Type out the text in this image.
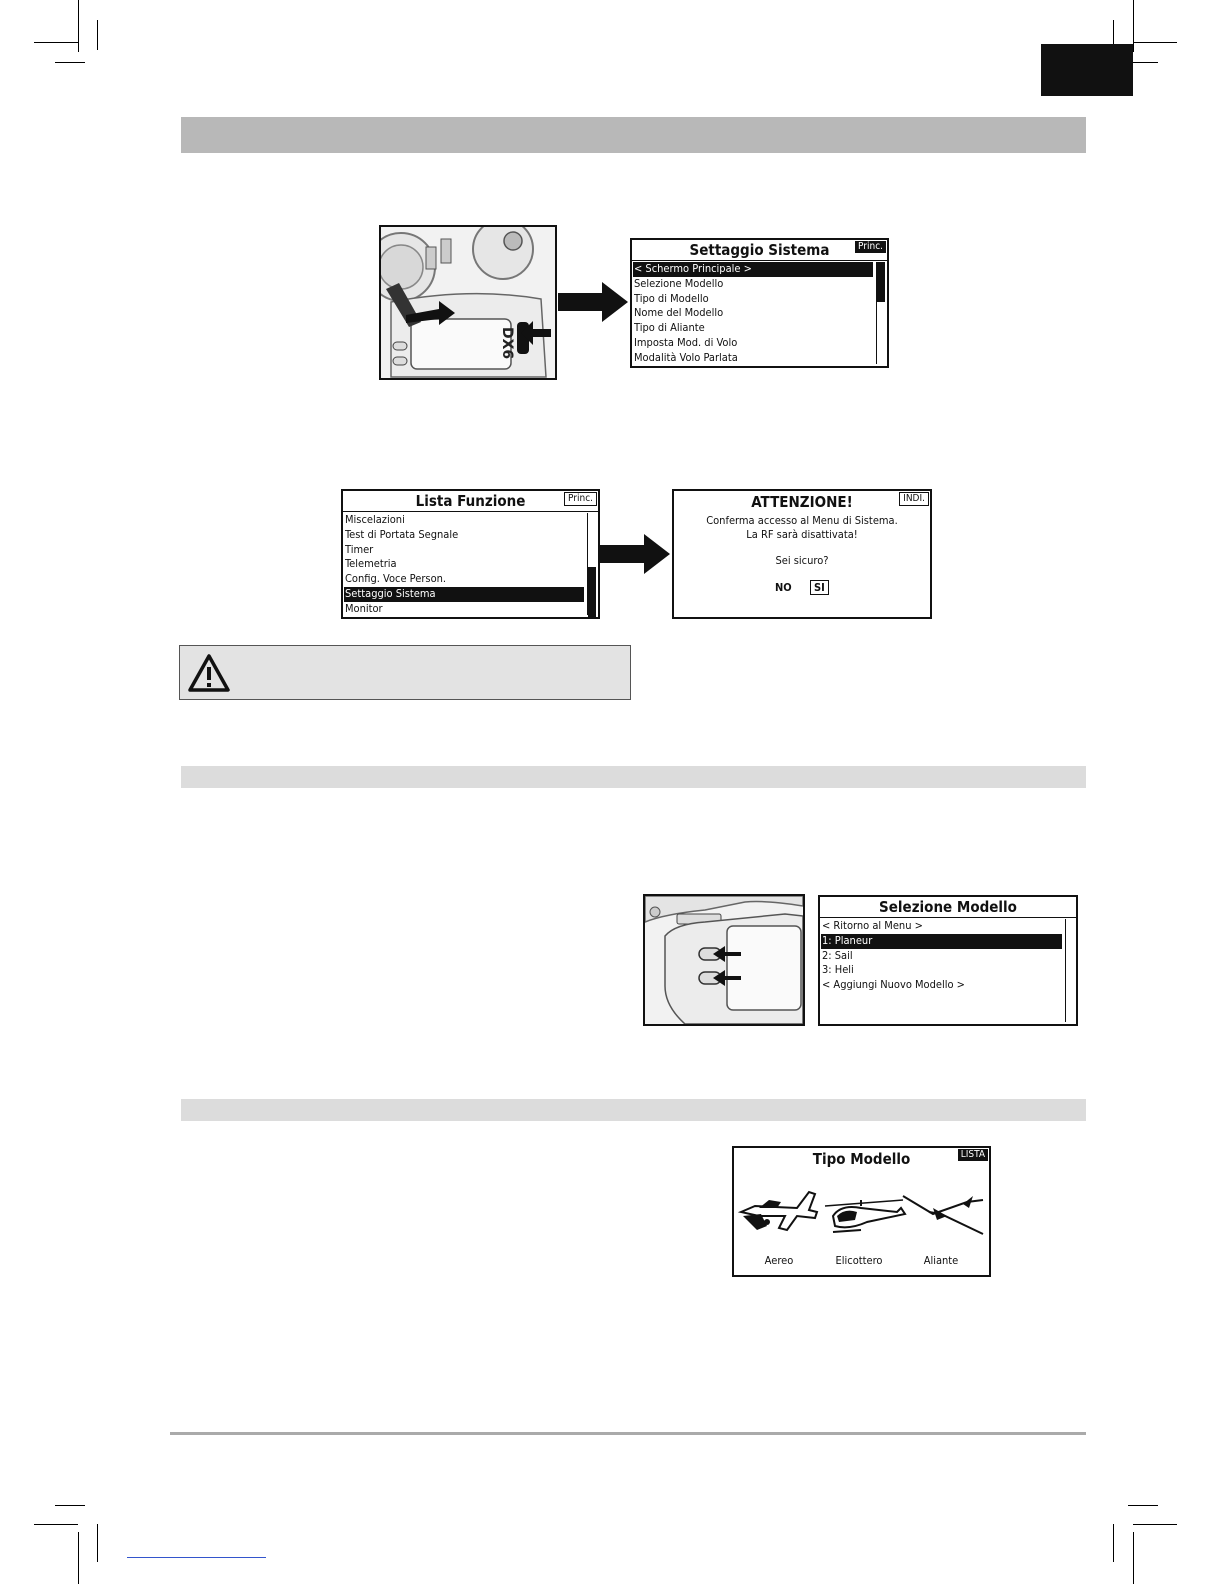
DX6
Settaggio Sistema	Princ.
< Schermo Principale >
Selezione Modello
Tipo di Modello
Nome del Modello
Tipo di Aliante
Imposta Mod. di Volo
Modalità Volo Parlata
Lista Funzione	Princ.
Miscelazioni
Test di Portata Segnale
Timer
Telemetria
Config. Voce Person.
Settaggio Sistema
Monitor
ATTENZIONE!	INDI.
Conferma accesso al Menu di Sistema.
La RF sarà disattivata!
Sei sicuro?
NO	SI
Selezione Modello
< Ritorno al Menu >
1: Planeur
2: Sail
3: Heli
< Aggiungi Nuovo Modello >
Tipo Modello	LISTA
Aereo	Elicottero	Aliante
